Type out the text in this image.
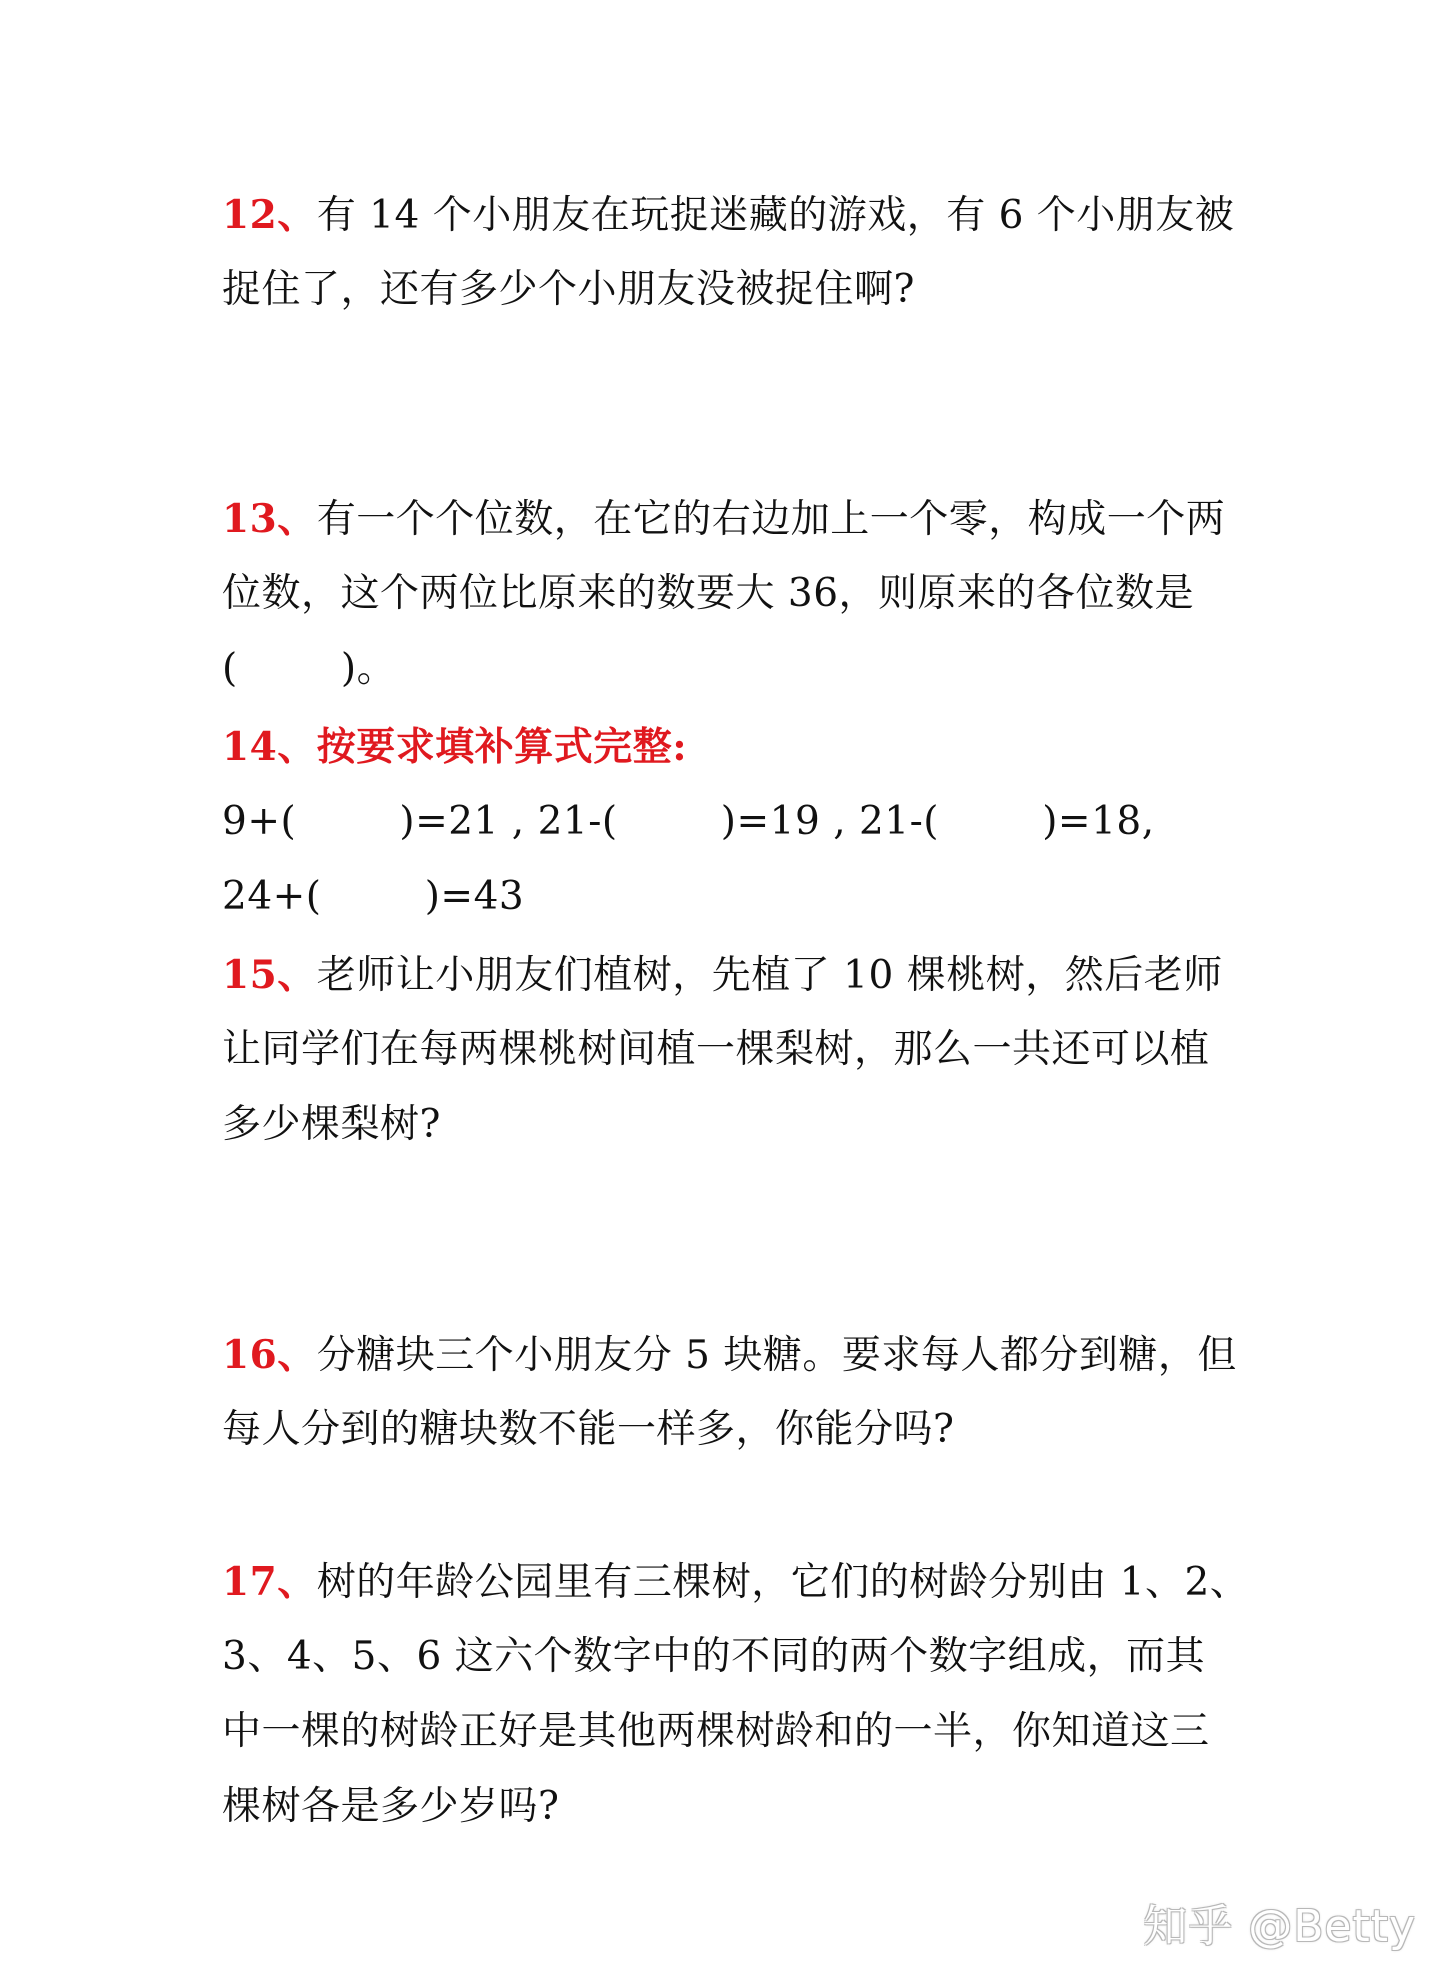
12、有 14 个小朋友在玩捉迷藏的游戏，有 6 个小朋友被
捉住了，还有多少个小朋友没被捉住啊?
13、有一个个位数，在它的右边加上一个零，构成一个两
位数，这个两位比原来的数要大 36，则原来的各位数是
(        )。
14、按要求填补算式完整:
9+(        )=21 , 21-(        )=19 , 21-(        )=18,
24+(        )=43
15、老师让小朋友们植树，先植了 10 棵桃树，然后老师
让同学们在每两棵桃树间植一棵梨树，那么一共还可以植
多少棵梨树?
16、分糖块三个小朋友分 5 块糖。要求每人都分到糖，但
每人分到的糖块数不能一样多，你能分吗?
17、树的年龄公园里有三棵树，它们的树龄分别由 1、2、
3、4、5、6 这六个数字中的不同的两个数字组成，而其
中一棵的树龄正好是其他两棵树龄和的一半，你知道这三
棵树各是多少岁吗?
知乎 @Betty
